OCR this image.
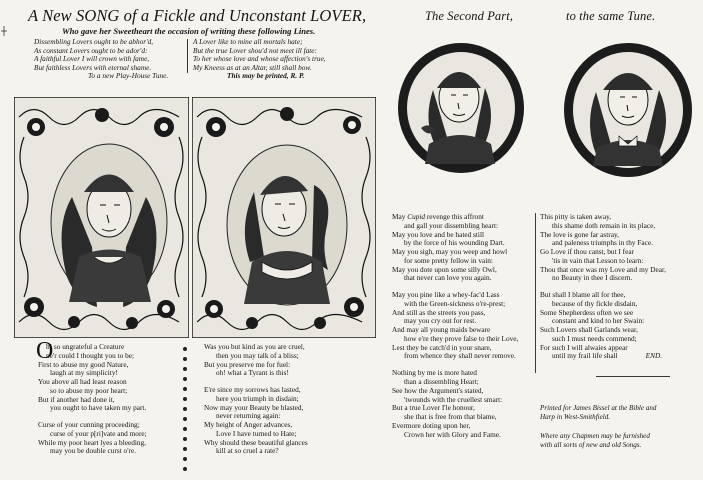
A New SONG of a Fickle and Unconstant LOVER,
Who gave her Sweetheart the occasion of writing these following Lines.
The Second Part,	to the same Tune.
Dissembling Lovers ought to be abhor'd,
As constant Lovers ought to be ador'd:
A faithful Lover I will crown with fame,
But faithless Lovers with eternal shame.
To a new Play-House Tune.
A Lover like to mine all mortals hate;
But the true Lover shou'd not meet ill fate:
To her whose love and whose affection's true,
My Kneess as at an Altar, still shall bow.
This may be printed, R. P.
O
h! so ungrateful a Creature
ne'r could I thought you to be;
First to abuse my good Nature,
laugh at my simplicity!
You above all had least reason
so to abuse my poor heart;
But if another had done it,
you ought to have taken my part.
Curse of your cunning proceeding;
curse of your p[ri]vate and more;
While my poor heart lyes a bleeding,
may you be double curst o're.
Was you but kind as you are cruel,
then you may talk of a bliss;
But you preserve me for fuel:
oh! what a Tyrant is this!
E're since my sorrows has lasted,
here you triumph in disdain;
Now may your Beauty be blasted,
never returning again:
My height of Anger advances,
Love I have turned to Hate;
Why should these beautiful glances
kill at so cruel a rate?
May Cupid revenge this affront
and gall your dissembling heart:
May you love and be hated still
by the force of his wounding Dart.
May you sigh, may you weep and howl
for some pretty fellow in vain:
May you dote upon some silly Owl,
that never can love you again.
May you pine like a whey-fac'd Lass
with the Green-sickness o're-prest;
And still as the streets you pass,
may you cry out for rest.
And may all young maids beware
how e're they prove false to their Love,
Lest they be catch'd in your snare,
from whence they shall never remove.
Nothing by me is more hated
than a dissembling Heart;
See how the Argument's stated,
'twounds with the cruellest smart:
But a true Lover I'le honour,
she that is free from that blame,
Evermore doting upon her,
Crown her with Glory and Fame.
This pitty is taken away,
this shame doth remain in its place,
The love is gone far astray,
and paleness triumphs in thy Face.
Go Love if thou canst, but I fear
'tis in vain that Lesson to learn:
Thou that once was my Love and my Dear,
no Beauty in thee I discern.
But shall I blame all for thee,
because of thy fickle disdain,
Some Shepherdess often we see
constant and kind to her Swain:
Such Lovers shall Garlands wear,
such I must needs commend;
For such I will alwaies appear
until my frail life shall	END.
Printed for James Bissel at the Bible and
Harp in West-Smithfield.
Where any Chapmen may be furnished
with all sorts of new and old Songs.
